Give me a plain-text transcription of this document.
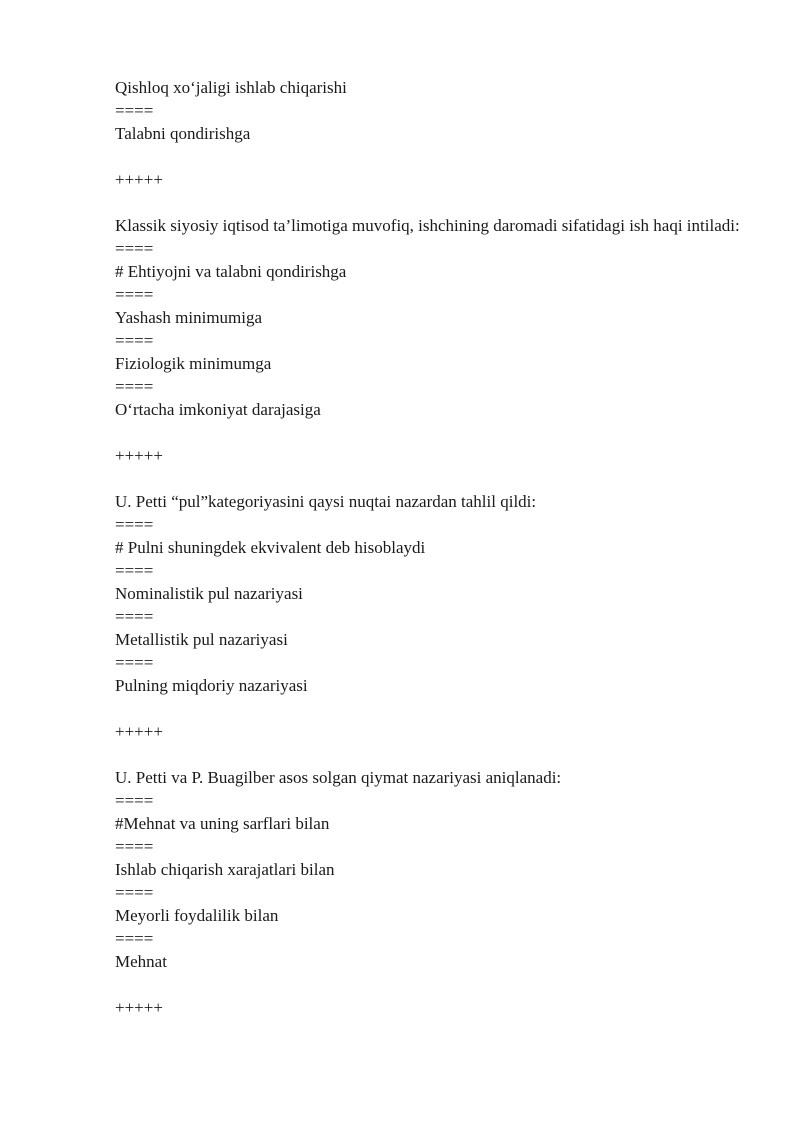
Qishloq xo‘jaligi ishlab chiqarishi
====
Talabni qondirishga
+++++
Klassik siyosiy iqtisod ta’limotiga muvofiq, ishchining daromadi sifatidagi ish haqi intiladi:
====
# Ehtiyojni va talabni qondirishga
====
Yashash minimumiga
====
Fiziologik minimumga
====
O‘rtacha imkoniyat darajasiga
+++++
U. Petti “pul”kategoriyasini qaysi nuqtai nazardan tahlil qildi:
====
# Pulni shuningdek ekvivalent deb hisoblaydi
====
Nominalistik pul nazariyasi
====
Metallistik pul nazariyasi
====
Pulning miqdoriy nazariyasi
+++++
U. Petti va P. Buagilber asos solgan qiymat nazariyasi aniqlanadi:
====
#Mehnat va uning sarflari bilan
====
Ishlab chiqarish xarajatlari bilan
====
Meyorli foydalilik bilan
====
Mehnat
+++++
